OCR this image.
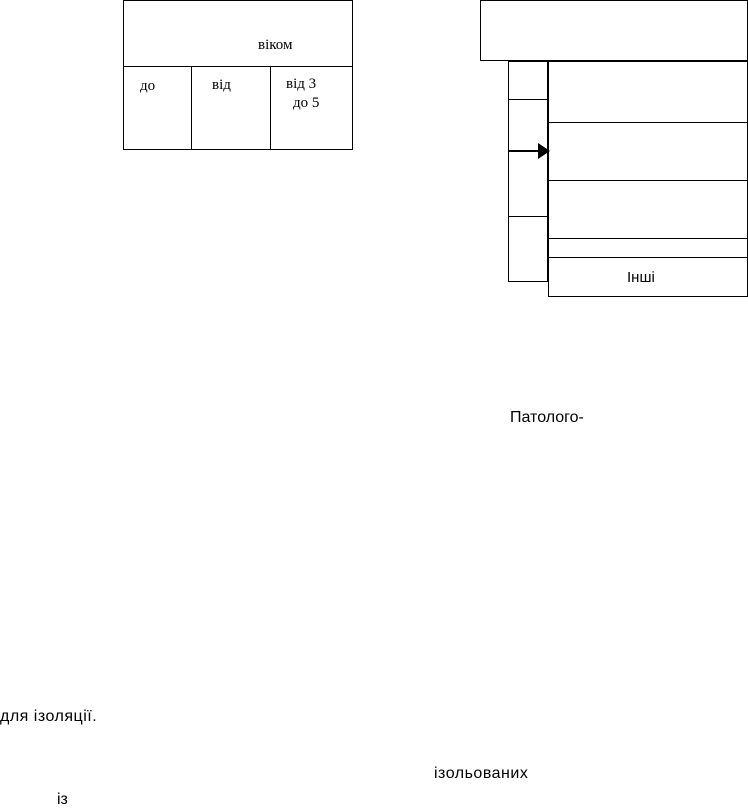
віком
до	від	від 3
до 5
Інші
Патолого-
для ізоляції.
ізольованих
із
